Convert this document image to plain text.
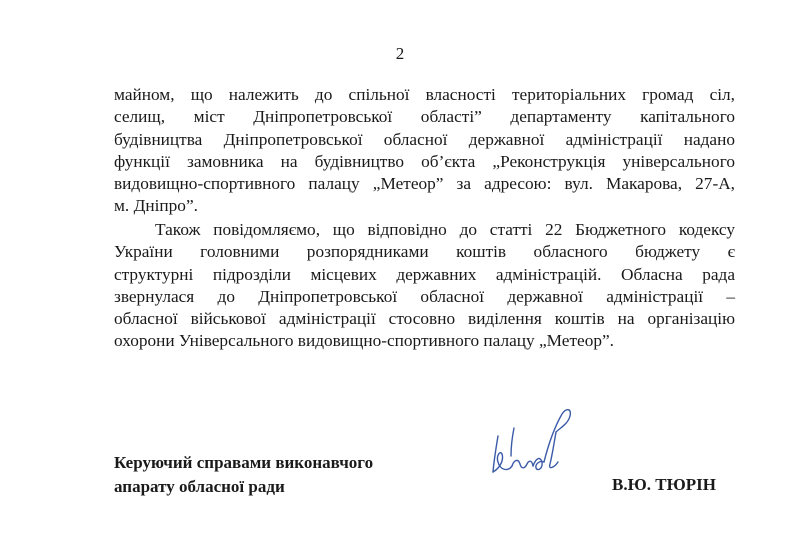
2

майном, що належить до спільної власності територіальних громад сіл,
селищ, міст Дніпропетровської області” департаменту капітального
будівництва Дніпропетровської обласної державної адміністрації надано
функції замовника на будівництво об’єкта „Реконструкція універсального
видовищно-спортивного палацу „Метеор” за адресою: вул. Макарова, 27-А,
м. Дніпро”.

Також повідомляємо, що відповідно до статті 22 Бюджетного кодексу
України головними розпорядниками коштів обласного бюджету є
структурні підрозділи місцевих державних адміністрацій. Обласна рада
звернулася до Дніпропетровської обласної державної адміністрації –
обласної військової адміністрації стосовно виділення коштів на організацію
охорони Універсального видовищно-спортивного палацу „Метеор”.

Керуючий справами виконавчого
апарату обласної ради	В.Ю. ТЮРІН
